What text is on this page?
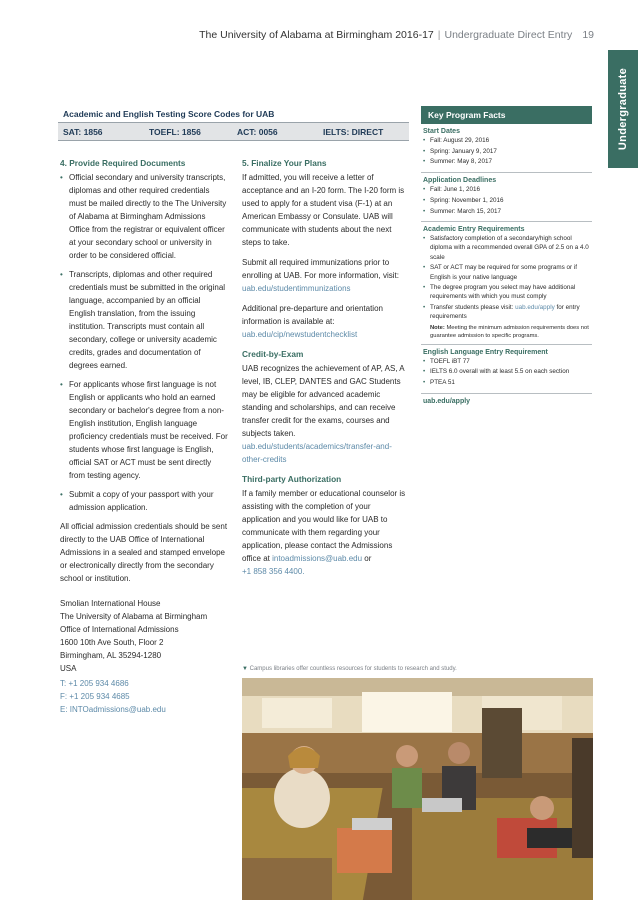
The University of Alabama at Birmingham 2016-17 | Undergraduate Direct Entry 19
Undergraduate
Academic and English Testing Score Codes for UAB
SAT: 1856	TOEFL: 1856	ACT: 0056	IELTS: DIRECT
4. Provide Required Documents
• Official secondary and university transcripts, diplomas and other required credentials must be mailed directly to the The University of Alabama at Birmingham Admissions Office from the registrar or equivalent officer at your secondary school or university in order to be considered official.
• Transcripts, diplomas and other required credentials must be submitted in the original language, accompanied by an official English translation, from the issuing institution. Transcripts must contain all secondary, college or university academic credits, grades and documentation of degrees earned.
• For applicants whose first language is not English or applicants who hold an earned secondary or bachelor's degree from a non-English institution, English language proficiency credentials must be received. For students whose first language is English, official SAT or ACT must be sent directly from testing agency.
• Submit a copy of your passport with your admission application.
All official admission credentials should be sent directly to the UAB Office of International Admissions in a sealed and stamped envelope or electronically directly from the secondary school or institution.
Smolian International House
The University of Alabama at Birmingham
Office of International Admissions
1600 10th Ave South, Floor 2
Birmingham, AL 35294-1280
USA
T: +1 205 934 4686
F: +1 205 934 4685
E: INTOadmissions@uab.edu
5. Finalize Your Plans
If admitted, you will receive a letter of acceptance and an I-20 form. The I-20 form is used to apply for a student visa (F-1) at an American Embassy or Consulate. UAB will communicate with students about the next steps to take.
Submit all required immunizations prior to enrolling at UAB. For more information, visit:
uab.edu/studentimmunizations
Additional pre-departure and orientation information is available at:
uab.edu/cip/newstudentchecklist
Credit-by-Exam
UAB recognizes the achievement of AP, AS, A level, IB, CLEP, DANTES and GAC Students may be eligible for advanced academic standing and scholarships, and can receive transfer credit for the exams, courses and subjects taken.
uab.edu/students/academics/transfer-and-other-credits
Third-party Authorization
If a family member or educational counselor is assisting with the completion of your application and you would like for UAB to communicate with them regarding your application, please contact the Admissions office at intoadmissions@uab.edu or
+1 858 356 4400.
Key Program Facts
Start Dates
• Fall: August 29, 2016
• Spring: January 9, 2017
• Summer: May 8, 2017
Application Deadlines
• Fall: June 1, 2016
• Spring: November 1, 2016
• Summer: March 15, 2017
Academic Entry Requirements
• Satisfactory completion of a secondary/high school diploma with a recommended overall GPA of 2.5 on a 4.0 scale
• SAT or ACT may be required for some programs or if English is your native language
• The degree program you select may have additional requirements with which you must comply
• Transfer students please visit: uab.edu/apply for entry requirements
Note: Meeting the minimum admission requirements does not guarantee admission to specific programs.
English Language Entry Requirement
• TOEFL iBT 77
• IELTS 6.0 overall with at least 5.5 on each section
• PTEA 51
uab.edu/apply
▼ Campus libraries offer countless resources for students to research and study.
